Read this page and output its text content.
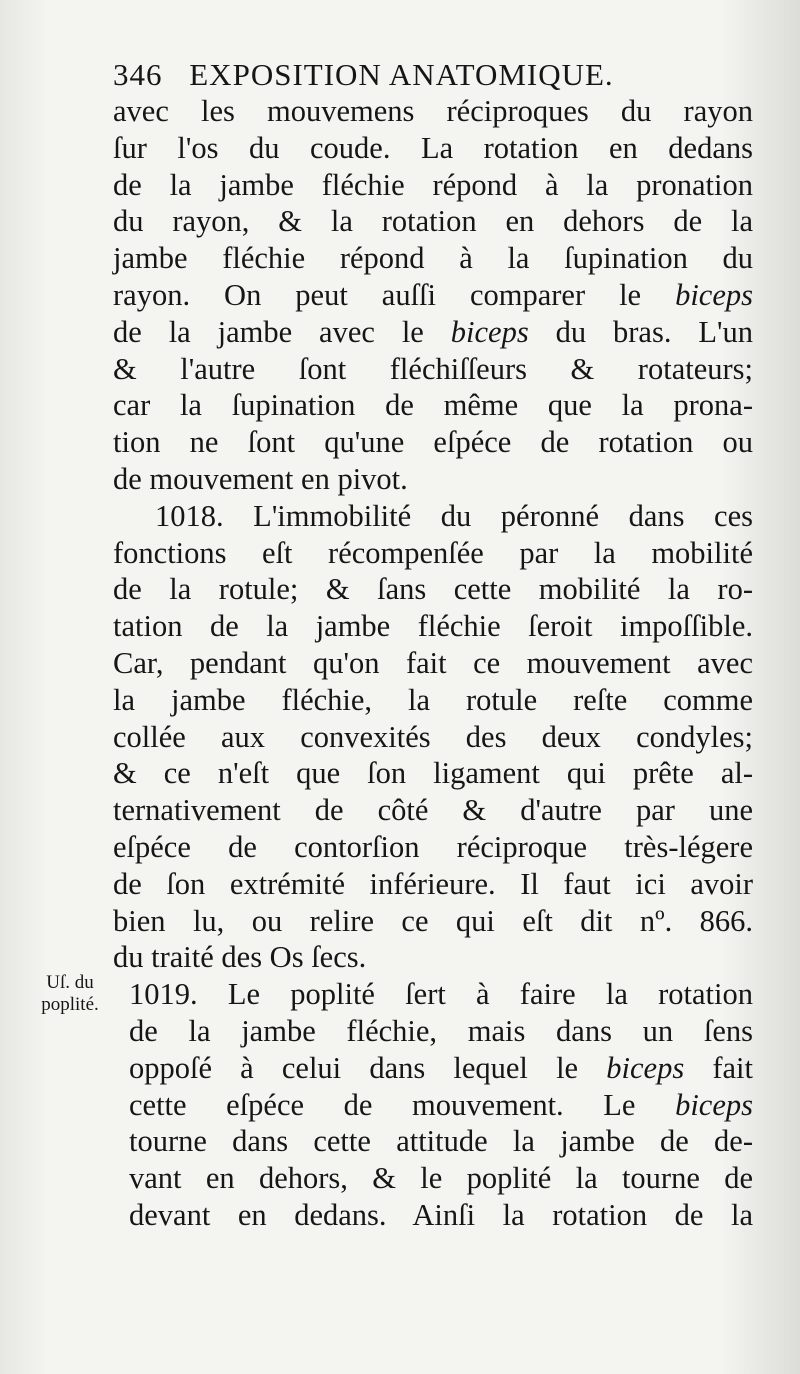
346 EXPOSITION ANATOMIQUE.
avec les mouvemens réciproques du rayon
ſur l'os du coude. La rotation en dedans
de la jambe fléchie répond à la pronation
du rayon, & la rotation en dehors de la
jambe fléchie répond à la ſupination du
rayon. On peut auſſi comparer le biceps
de la jambe avec le biceps du bras. L'un
& l'autre ſont fléchiſſeurs & rotateurs;
car la ſupination de même que la prona-
tion ne ſont qu'une eſpéce de rotation ou
de mouvement en pivot.
1018. L'immobilité du péronné dans ces
fonctions eſt récompenſée par la mobilité
de la rotule; & ſans cette mobilité la ro-
tation de la jambe fléchie ſeroit impoſſible.
Car, pendant qu'on fait ce mouvement avec
la jambe fléchie, la rotule reſte comme
collée aux convexités des deux condyles;
& ce n'eſt que ſon ligament qui prête al-
ternativement de côté & d'autre par une
eſpéce de contorſion réciproque très-légere
de ſon extrémité inférieure. Il faut ici avoir
bien lu, ou relire ce qui eſt dit nº. 866.
du traité des Os ſecs.
1019. Le poplité ſert à faire la rotation
de la jambe fléchie, mais dans un ſens
oppoſé à celui dans lequel le biceps fait
cette eſpéce de mouvement. Le biceps
tourne dans cette attitude la jambe de de-
vant en dehors, & le poplité la tourne de
devant en dedans. Ainſi la rotation de la
Uſ. du
poplité.
